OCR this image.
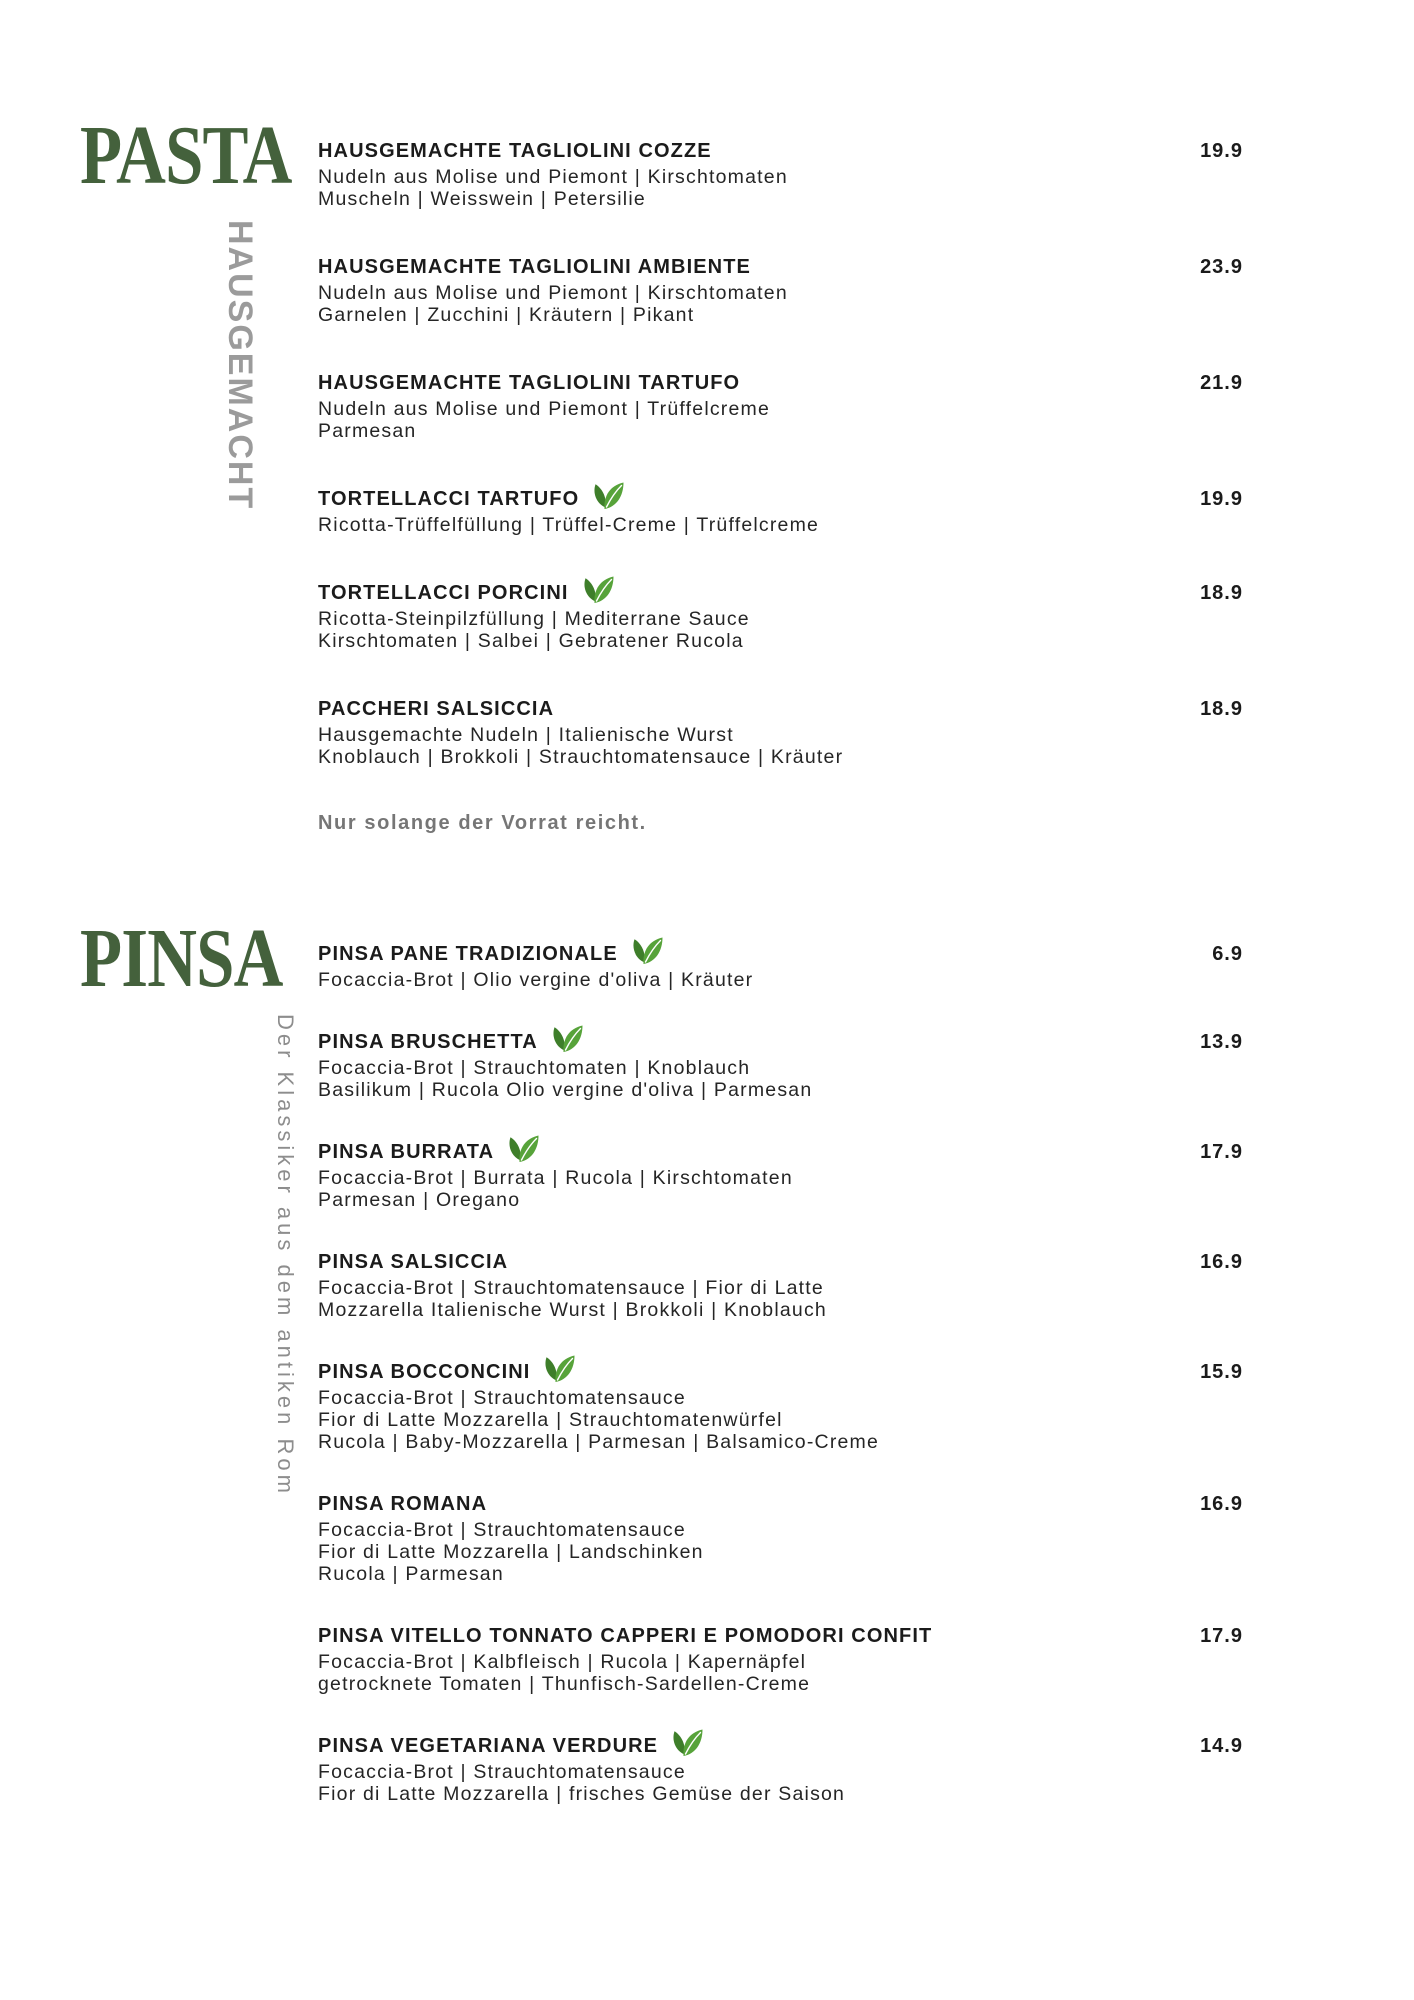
PASTA
HAUSGEMACHT
HAUSGEMACHTE TAGLIOLINI COZZE
Nudeln aus Molise und Piemont | Kirschtomaten
Muscheln | Weisswein | Petersilie
19.9
HAUSGEMACHTE TAGLIOLINI AMBIENTE
Nudeln aus Molise und Piemont | Kirschtomaten
Garnelen | Zucchini | Kräutern | Pikant
23.9
HAUSGEMACHTE TAGLIOLINI TARTUFO
Nudeln aus Molise und Piemont | Trüffelcreme
Parmesan
21.9
TORTELLACCI TARTUFO
Ricotta-Trüffelfüllung | Trüffel-Creme | Trüffelcreme
19.9
TORTELLACCI PORCINI
Ricotta-Steinpilzfüllung | Mediterrane Sauce
Kirschtomaten | Salbei | Gebratener Rucola
18.9
PACCHERI SALSICCIA
Hausgemachte Nudeln | Italienische Wurst
Knoblauch | Brokkoli | Strauchtomatensauce | Kräuter
18.9
Nur solange der Vorrat reicht.
PINSA
Der Klassiker aus dem antiken Rom
PINSA PANE TRADIZIONALE
Focaccia-Brot | Olio vergine d'oliva | Kräuter
6.9
PINSA BRUSCHETTA
Focaccia-Brot | Strauchtomaten | Knoblauch
Basilikum | Rucola Olio vergine d'oliva | Parmesan
13.9
PINSA BURRATA
Focaccia-Brot | Burrata | Rucola | Kirschtomaten
Parmesan | Oregano
17.9
PINSA SALSICCIA
Focaccia-Brot | Strauchtomatensauce | Fior di Latte
Mozzarella Italienische Wurst | Brokkoli | Knoblauch
16.9
PINSA BOCCONCINI
Focaccia-Brot | Strauchtomatensauce
Fior di Latte Mozzarella | Strauchtomatenwürfel
Rucola | Baby-Mozzarella | Parmesan | Balsamico-Creme
15.9
PINSA ROMANA
Focaccia-Brot | Strauchtomatensauce
Fior di Latte Mozzarella | Landschinken
Rucola | Parmesan
16.9
PINSA VITELLO TONNATO CAPPERI E POMODORI CONFIT
Focaccia-Brot | Kalbfleisch | Rucola | Kapernäpfel
getrocknete Tomaten | Thunfisch-Sardellen-Creme
17.9
PINSA VEGETARIANA VERDURE
Focaccia-Brot | Strauchtomatensauce
Fior di Latte Mozzarella | frisches Gemüse der Saison
14.9
